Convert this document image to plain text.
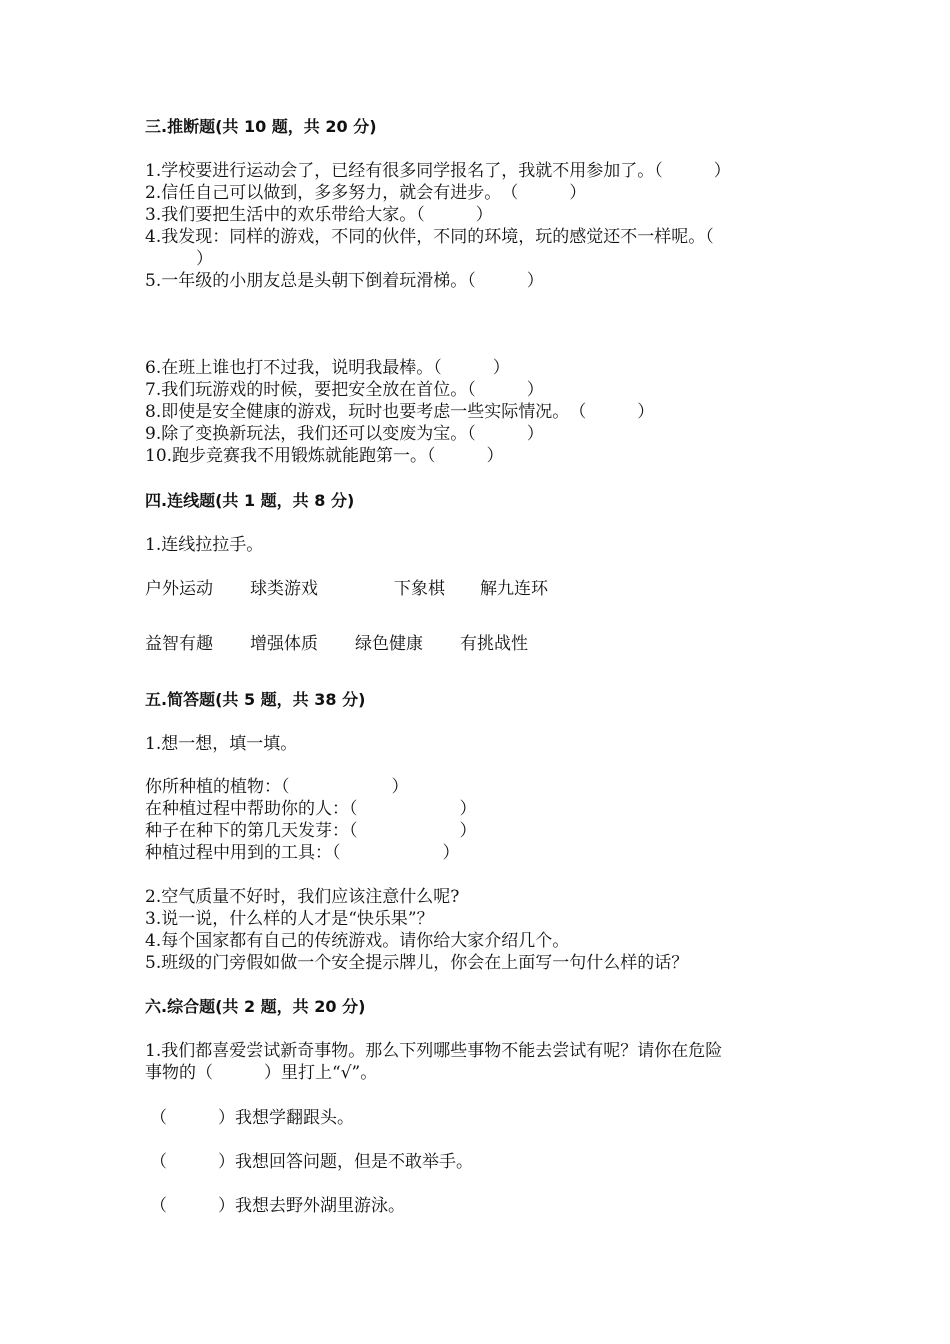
三.推断题(共 10 题，共 20 分)
1.学校要进行运动会了，已经有很多同学报名了，我就不用参加了。（　　　）
2.信任自己可以做到，多多努力，就会有进步。　（　　　）
3.我们要把生活中的欢乐带给大家。（　　　）
4.我发现：同样的游戏，不同的伙伴，不同的环境，玩的感觉还不一样呢。（
　　　）
5.一年级的小朋友总是头朝下倒着玩滑梯。（　　　）
6.在班上谁也打不过我，说明我最棒。（　　　）
7.我们玩游戏的时候，要把安全放在首位。（　　　）
8.即使是安全健康的游戏，玩时也要考虑一些实际情况。　（　　　）
9.除了变换新玩法，我们还可以变废为宝。（　　　）
10.跑步竞赛我不用锻炼就能跑第一。（　　　）
四.连线题(共 1 题，共 8 分)
1.连线拉拉手。
户外运动 球类游戏	下象棋 解九连环
益智有趣 增强体质 绿色健康 有挑战性
五.简答题(共 5 题，共 38 分)
1.想一想，填一填。
你所种植的植物：（　　　　　　）
在种植过程中帮助你的人：（　　　　　　）
种子在种下的第几天发芽：（　　　　　　）
种植过程中用到的工具：（　　　　　　）
2.空气质量不好时，我们应该注意什么呢?
3.说一说，什么样的人才是“快乐果”？
4.每个国家都有自己的传统游戏。请你给大家介绍几个。
5.班级的门旁假如做一个安全提示牌儿，你会在上面写一句什么样的话？
六.综合题(共 2 题，共 20 分)
1.我们都喜爱尝试新奇事物。那么下列哪些事物不能去尝试有呢？请你在危险
事物的（　　　）里打上“√”。
（　　　）我想学翻跟头。
（　　　）我想回答问题，但是不敢举手。
（　　　）我想去野外湖里游泳。
